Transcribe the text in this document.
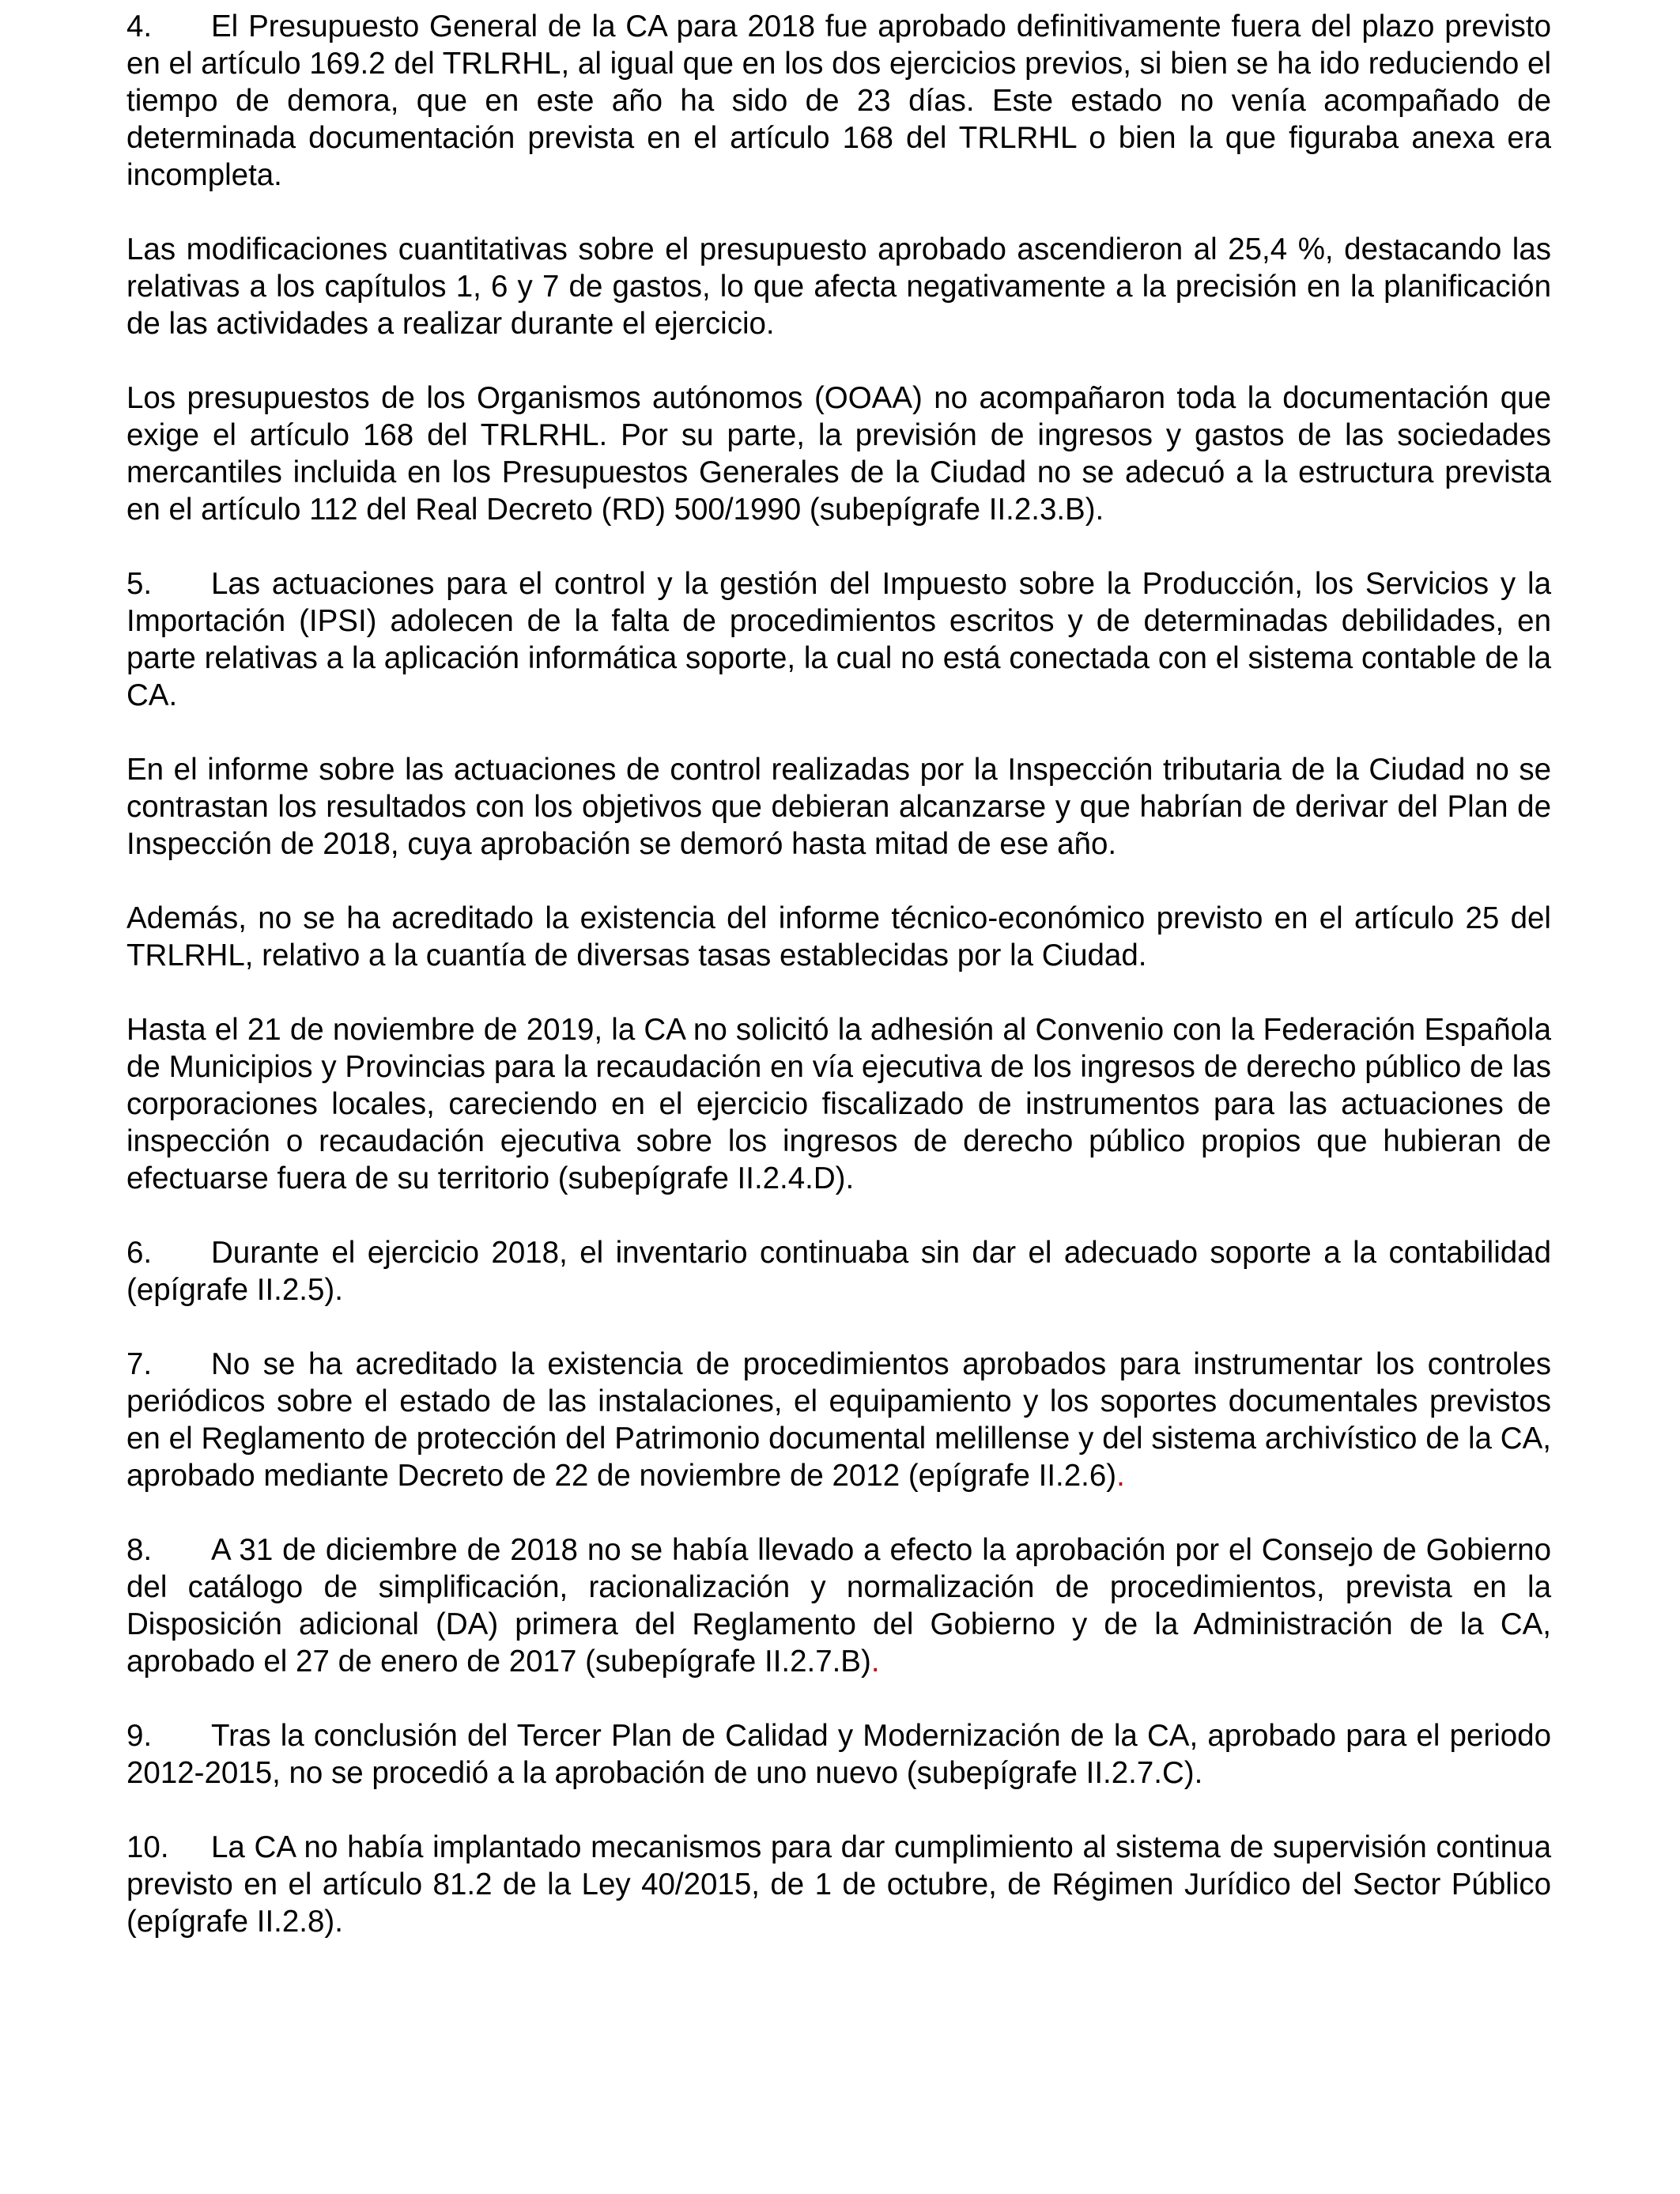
4. El Presupuesto General de la CA para 2018 fue aprobado definitivamente fuera del plazo previsto en el artículo 169.2 del TRLRHL, al igual que en los dos ejercicios previos, si bien se ha ido reduciendo el tiempo de demora, que en este año ha sido de 23 días. Este estado no venía acompañado de determinada documentación prevista en el artículo 168 del TRLRHL o bien la que figuraba anexa era incompleta.

Las modificaciones cuantitativas sobre el presupuesto aprobado ascendieron al 25,4 %, destacando las relativas a los capítulos 1, 6 y 7 de gastos, lo que afecta negativamente a la precisión en la planificación de las actividades a realizar durante el ejercicio.

Los presupuestos de los Organismos autónomos (OOAA) no acompañaron toda la documentación que exige el artículo 168 del TRLRHL. Por su parte, la previsión de ingresos y gastos de las sociedades mercantiles incluida en los Presupuestos Generales de la Ciudad no se adecuó a la estructura prevista en el artículo 112 del Real Decreto (RD) 500/1990 (subepígrafe II.2.3.B).

5. Las actuaciones para el control y la gestión del Impuesto sobre la Producción, los Servicios y la Importación (IPSI) adolecen de la falta de procedimientos escritos y de determinadas debilidades, en parte relativas a la aplicación informática soporte, la cual no está conectada con el sistema contable de la CA.

En el informe sobre las actuaciones de control realizadas por la Inspección tributaria de la Ciudad no se contrastan los resultados con los objetivos que debieran alcanzarse y que habrían de derivar del Plan de Inspección de 2018, cuya aprobación se demoró hasta mitad de ese año.

Además, no se ha acreditado la existencia del informe técnico-económico previsto en el artículo 25 del TRLRHL, relativo a la cuantía de diversas tasas establecidas por la Ciudad.

Hasta el 21 de noviembre de 2019, la CA no solicitó la adhesión al Convenio con la Federación Española de Municipios y Provincias para la recaudación en vía ejecutiva de los ingresos de derecho público de las corporaciones locales, careciendo en el ejercicio fiscalizado de instrumentos para las actuaciones de inspección o recaudación ejecutiva sobre los ingresos de derecho público propios que hubieran de efectuarse fuera de su territorio (subepígrafe II.2.4.D).

6. Durante el ejercicio 2018, el inventario continuaba sin dar el adecuado soporte a la contabilidad (epígrafe II.2.5).

7. No se ha acreditado la existencia de procedimientos aprobados para instrumentar los controles periódicos sobre el estado de las instalaciones, el equipamiento y los soportes documentales previstos en el Reglamento de protección del Patrimonio documental melillense y del sistema archivístico de la CA, aprobado mediante Decreto de 22 de noviembre de 2012 (epígrafe II.2.6).

8. A 31 de diciembre de 2018 no se había llevado a efecto la aprobación por el Consejo de Gobierno del catálogo de simplificación, racionalización y normalización de procedimientos, prevista en la Disposición adicional (DA) primera del Reglamento del Gobierno y de la Administración de la CA, aprobado el 27 de enero de 2017 (subepígrafe II.2.7.B).

9. Tras la conclusión del Tercer Plan de Calidad y Modernización de la CA, aprobado para el periodo 2012-2015, no se procedió a la aprobación de uno nuevo (subepígrafe II.2.7.C).

10. La CA no había implantado mecanismos para dar cumplimiento al sistema de supervisión continua previsto en el artículo 81.2 de la Ley 40/2015, de 1 de octubre, de Régimen Jurídico del Sector Público (epígrafe II.2.8).
